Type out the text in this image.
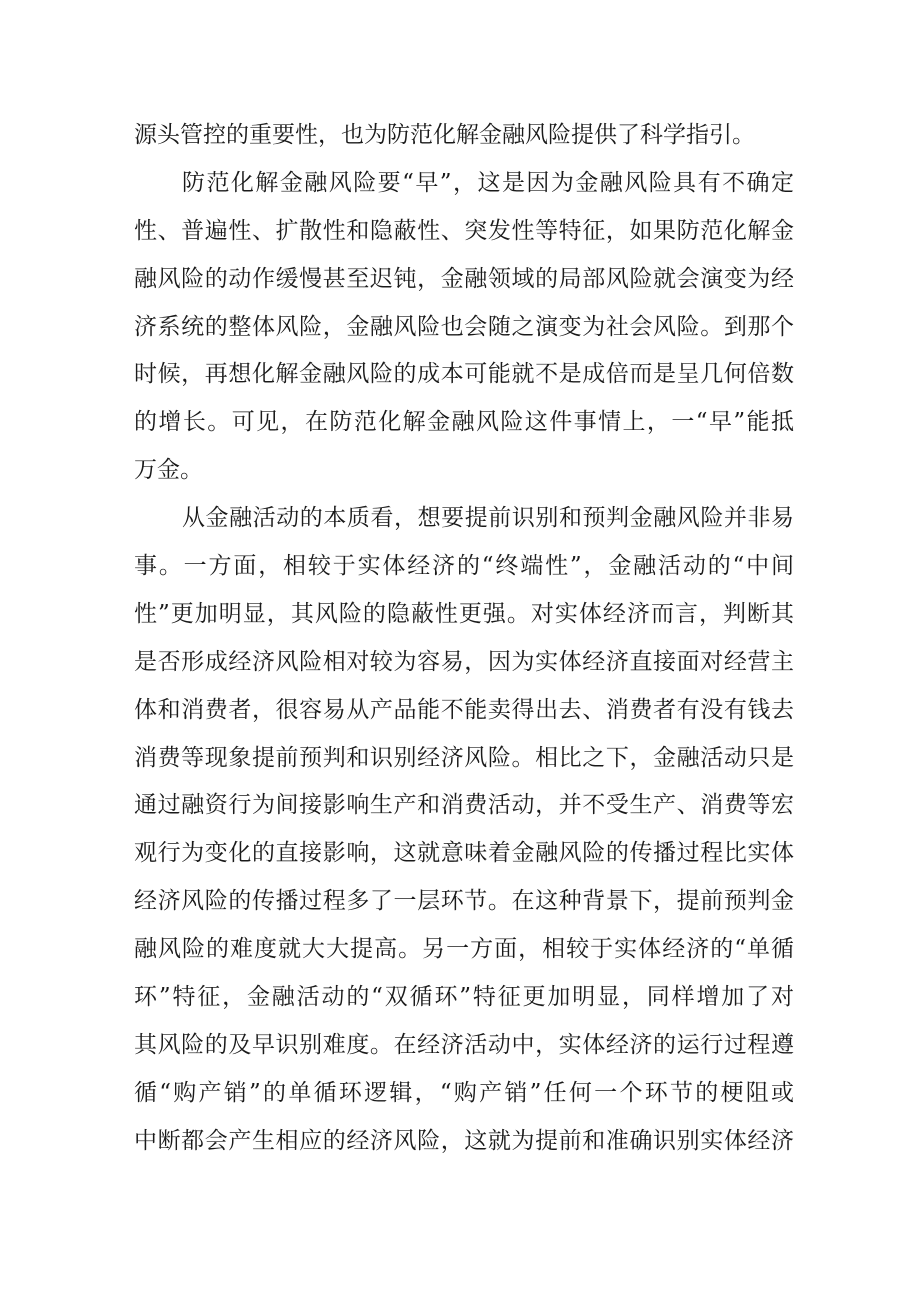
源头管控的重要性，也为防范化解金融风险提供了科学指引。
防范化解金融风险要“早”，这是因为金融风险具有不确定
性、普遍性、扩散性和隐蔽性、突发性等特征，如果防范化解金
融风险的动作缓慢甚至迟钝，金融领域的局部风险就会演变为经
济系统的整体风险，金融风险也会随之演变为社会风险。到那个
时候，再想化解金融风险的成本可能就不是成倍而是呈几何倍数
的增长。可见，在防范化解金融风险这件事情上，一“早”能抵
万金。
从金融活动的本质看，想要提前识别和预判金融风险并非易
事。一方面，相较于实体经济的“终端性”，金融活动的“中间
性”更加明显，其风险的隐蔽性更强。对实体经济而言，判断其
是否形成经济风险相对较为容易，因为实体经济直接面对经营主
体和消费者，很容易从产品能不能卖得出去、消费者有没有钱去
消费等现象提前预判和识别经济风险。相比之下，金融活动只是
通过融资行为间接影响生产和消费活动，并不受生产、消费等宏
观行为变化的直接影响，这就意味着金融风险的传播过程比实体
经济风险的传播过程多了一层环节。在这种背景下，提前预判金
融风险的难度就大大提高。另一方面，相较于实体经济的“单循
环”特征，金融活动的“双循环”特征更加明显，同样增加了对
其风险的及早识别难度。在经济活动中，实体经济的运行过程遵
循“购产销”的单循环逻辑，“购产销”任何一个环节的梗阻或
中断都会产生相应的经济风险，这就为提前和准确识别实体经济
